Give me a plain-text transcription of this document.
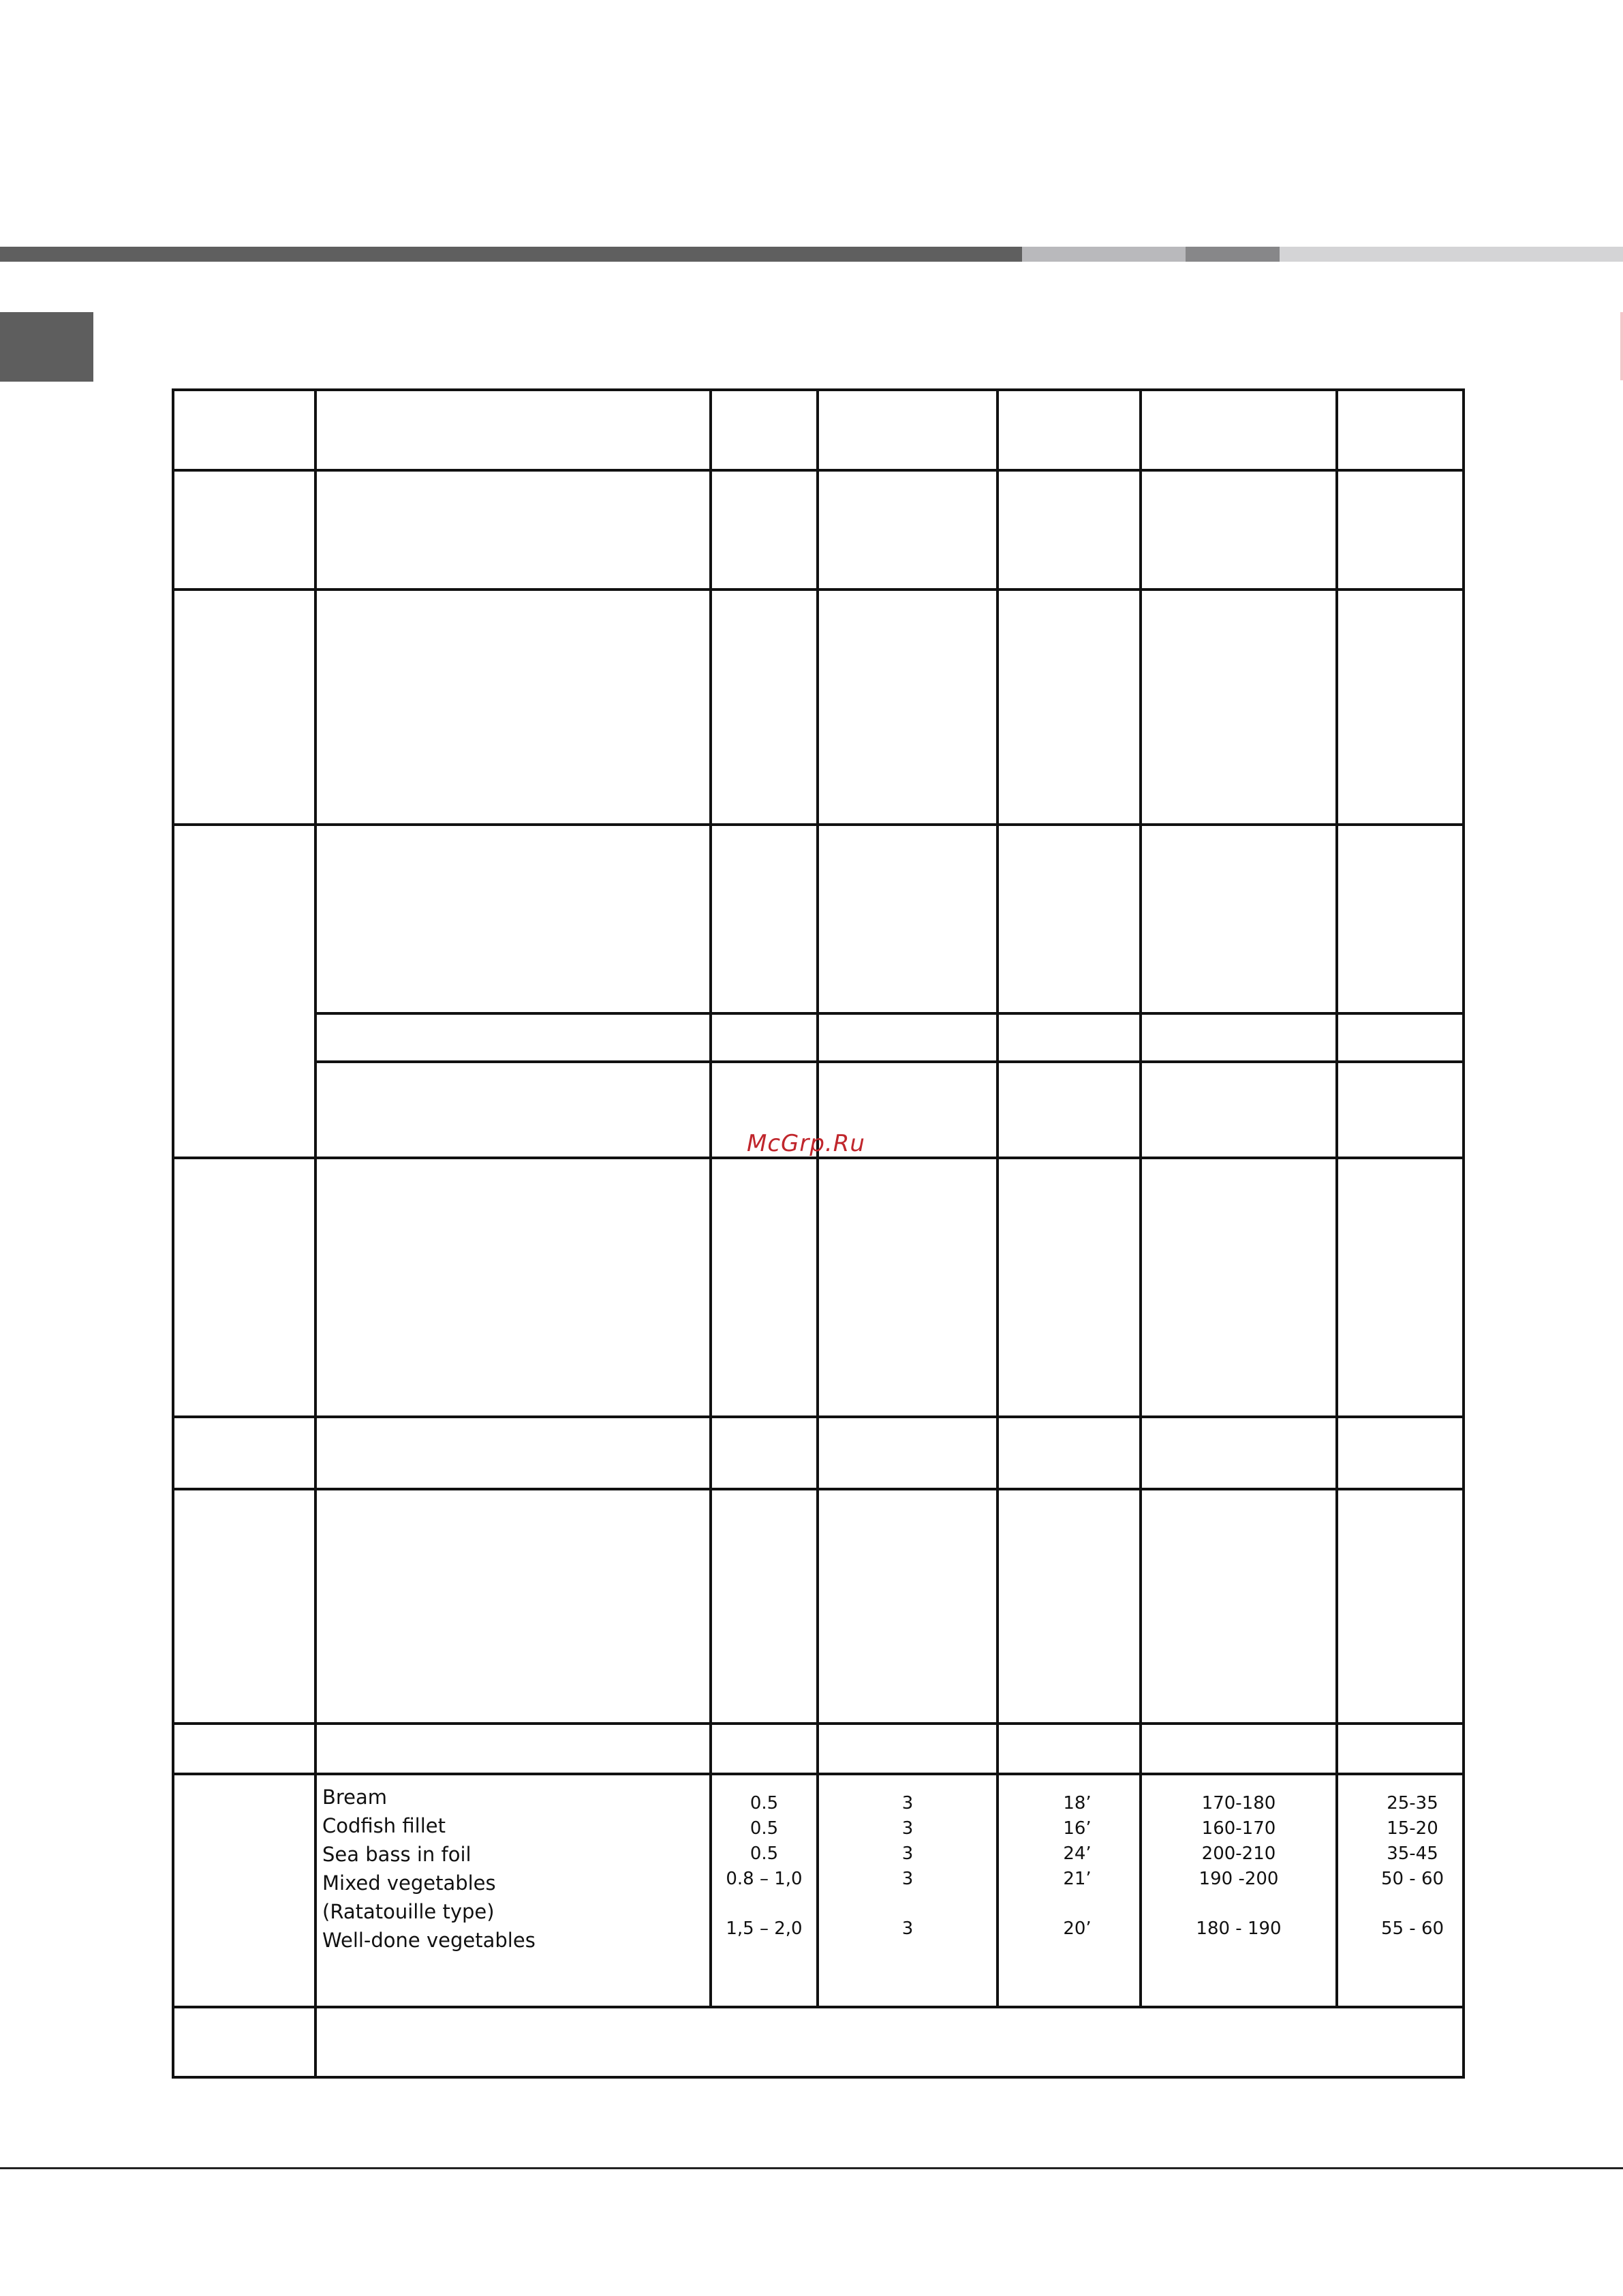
McGrp.Ru
Bream
Codfish fillet
Sea bass in foil
Mixed vegetables
(Ratatouille type)
Well-done vegetables
0.5
0.5
0.5
0.8 – 1,0
1,5 – 2,0
3
3
3
3
3
18’
16’
24’
21’
20’
170-180
160-170
200-210
190 -200
180 - 190
25-35
15-20
35-45
50 - 60
55 - 60
